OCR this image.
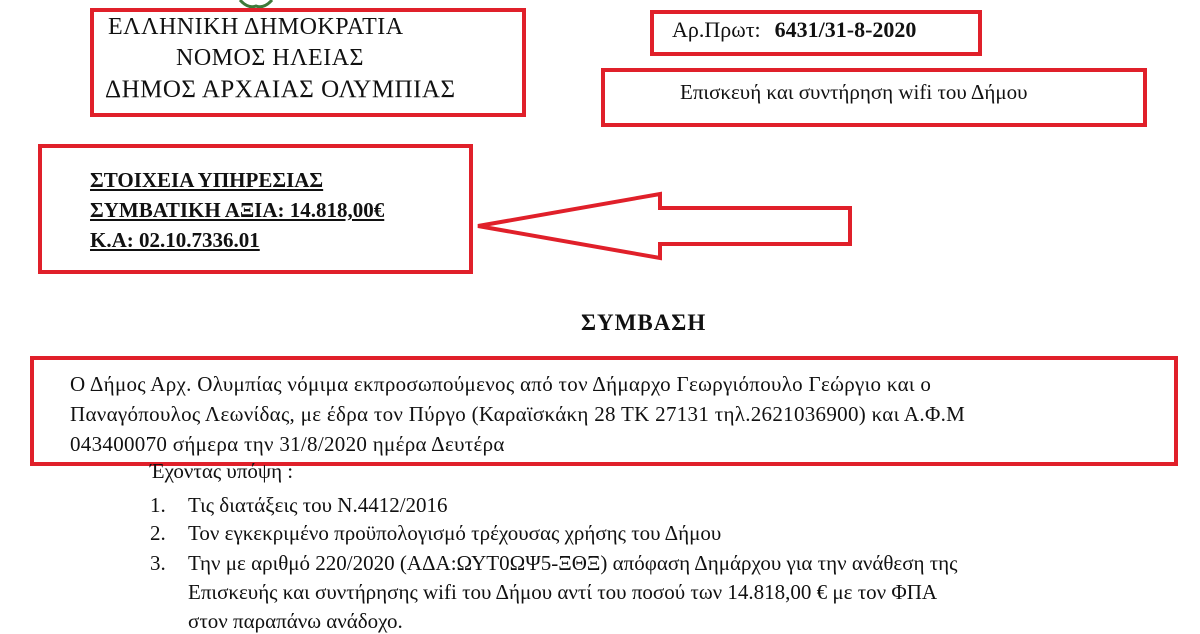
ΕΛΛΗΝΙΚΗ ΔΗΜΟΚΡΑΤΙΑ
ΝΟΜΟΣ ΗΛΕΙΑΣ
ΔΗΜΟΣ ΑΡΧΑΙΑΣ ΟΛΥΜΠΙΑΣ
Αρ.Πρωτ: 6431/31-8-2020
Επισκευή και συντήρηση wifi του Δήμου
ΣΤΟΙΧΕΙΑ ΥΠΗΡΕΣΙΑΣ
ΣΥΜΒΑΤΙΚΗ ΑΞΙΑ: 14.818,00€
Κ.Α: 02.10.7336.01
ΣΥΜΒΑΣΗ
Ο Δήμος Αρχ. Ολυμπίας νόμιμα εκπροσωπούμενος από τον Δήμαρχο Γεωργιόπουλο Γεώργιο και ο
Παναγόπουλος Λεωνίδας, με έδρα τον Πύργο (Καραϊσκάκη 28 ΤΚ 27131 τηλ.2621036900) και Α.Φ.Μ
043400070 σήμερα την 31/8/2020 ημέρα Δευτέρα
Έχοντας υπόψη :
1. Τις διατάξεις του Ν.4412/2016
2. Τον εγκεκριμένο προϋπολογισμό τρέχουσας χρήσης του Δήμου
3. Την με αριθμό 220/2020 (ΑΔΑ:ΩΥΤ0ΩΨ5-ΞΘΞ) απόφαση Δημάρχου για την ανάθεση της
Επισκευής και συντήρησης wifi του Δήμου αντί του ποσού των 14.818,00 € με τον ΦΠΑ
στον παραπάνω ανάδοχο.
